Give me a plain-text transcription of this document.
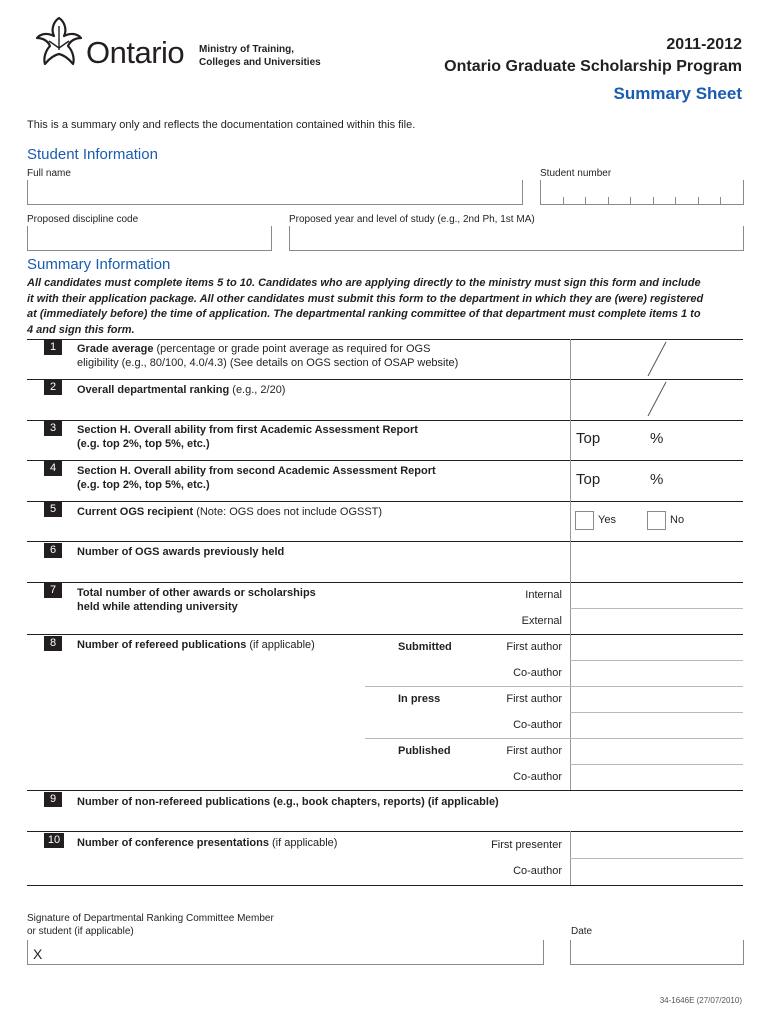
Ontario Ministry of Training,
Colleges and Universities
2011-2012
Ontario Graduate Scholarship Program
Summary Sheet
This is a summary only and reflects the documentation contained within this file.
Student Information
Full name	Student number
Proposed discipline code	Proposed year and level of study (e.g., 2nd Ph, 1st MA)
Summary Information
All candidates must complete items 5 to 10. Candidates who are applying directly to the ministry must sign this form and include
it with their application package. All other candidates must submit this form to the department in which they are (were) registered
at (immediately before) the time of application. The departmental ranking committee of that department must complete items 1 to
4 and sign this form.
1	Grade average (percentage or grade point average as required for OGS
eligibility (e.g., 80/100, 4.0/4.3) (See details on OGS section of OSAP website)
2	Overall departmental ranking (e.g., 2/20)
3	Section H. Overall ability from first Academic Assessment Report
(e.g. top 2%, top 5%, etc.)	Top	%
4	Section H. Overall ability from second Academic Assessment Report
(e.g. top 2%, top 5%, etc.)	Top	%
5	Current OGS recipient (Note: OGS does not include OGSST)
Yes	No
6	Number of OGS awards previously held
7	Total number of other awards or scholarships
held while attending university
Internal
External
8	Number of refereed publications (if applicable)	Submitted	First author
Co-author
In press	First author
Co-author
Published	First author
Co-author
9	Number of non-refereed publications (e.g., book chapters, reports) (if applicable)
10	Number of conference presentations (if applicable)	First presenter
Co-author
Signature of Departmental Ranking Committee Member
or student (if applicable)
X
Date
34-1646E (27/07/2010)
